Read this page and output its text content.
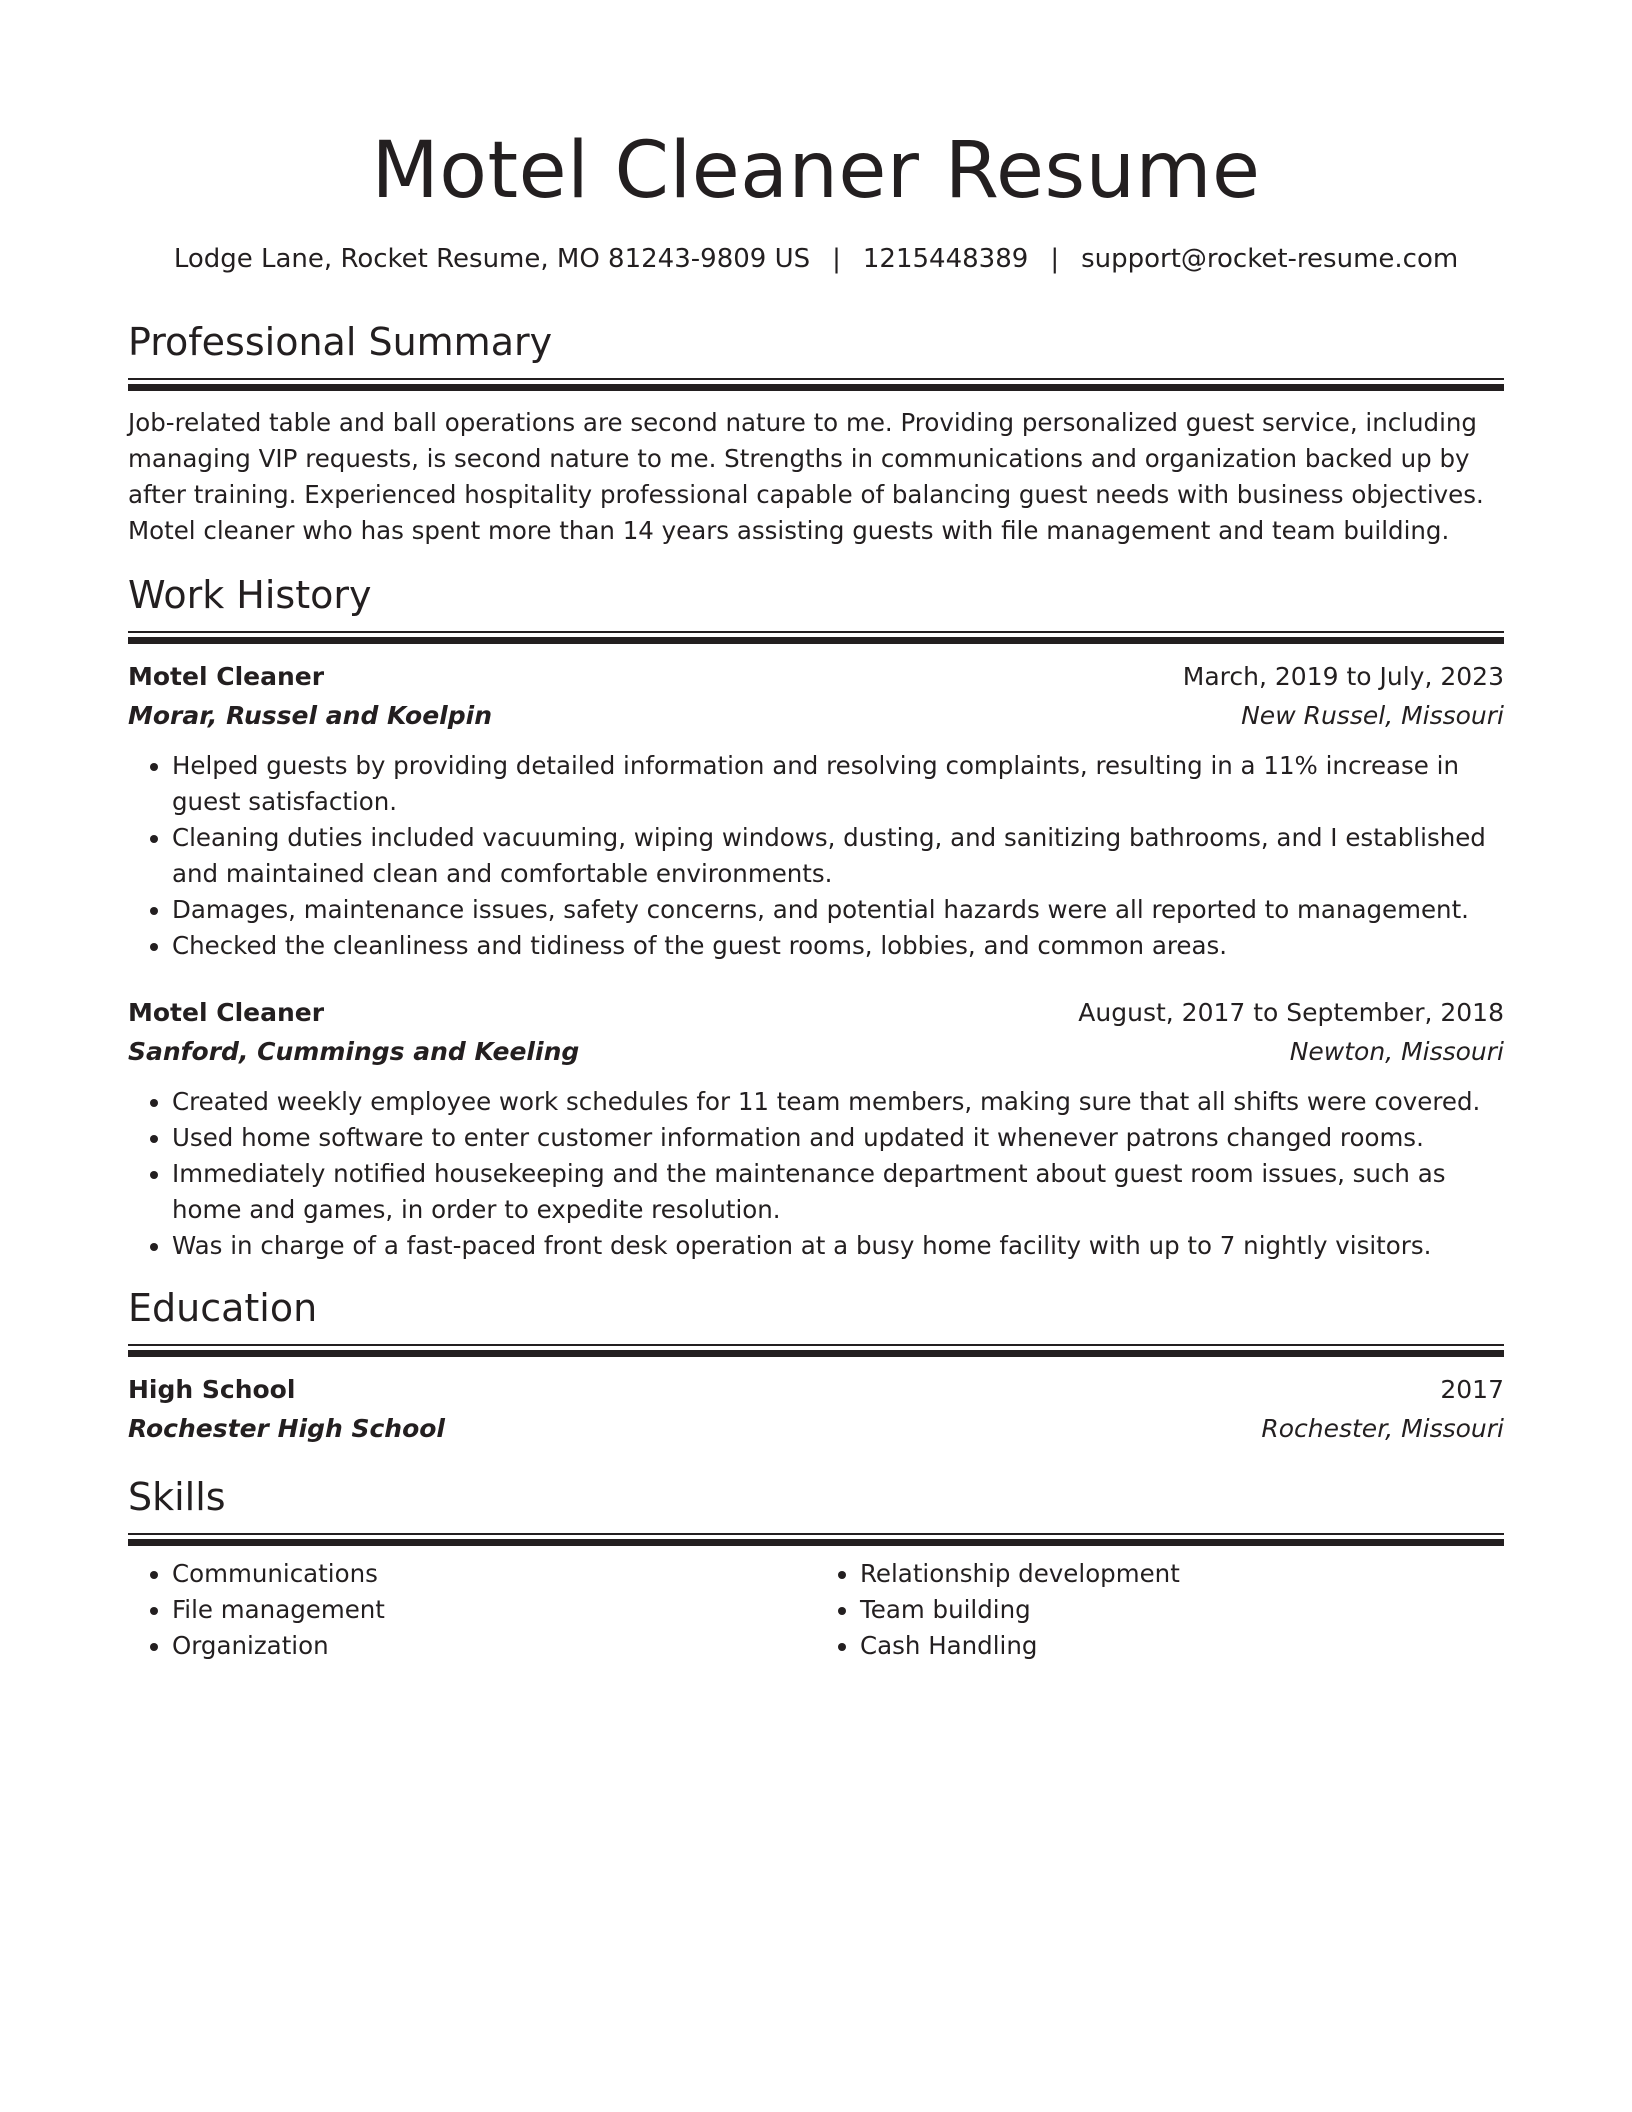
Motel Cleaner Resume
Lodge Lane, Rocket Resume, MO 81243-9809 US | 1215448389 | support@rocket-resume.com
Professional Summary
Job-related table and ball operations are second nature to me. Providing personalized guest service, including managing VIP requests, is second nature to me. Strengths in communications and organization backed up by after training. Experienced hospitality professional capable of balancing guest needs with business objectives. Motel cleaner who has spent more than 14 years assisting guests with file management and team building.
Work History
Motel Cleaner	March, 2019 to July, 2023
Morar, Russel and Koelpin	New Russel, Missouri
• Helped guests by providing detailed information and resolving complaints, resulting in a 11% increase in guest satisfaction.
• Cleaning duties included vacuuming, wiping windows, dusting, and sanitizing bathrooms, and I established and maintained clean and comfortable environments.
• Damages, maintenance issues, safety concerns, and potential hazards were all reported to management.
• Checked the cleanliness and tidiness of the guest rooms, lobbies, and common areas.
Motel Cleaner	August, 2017 to September, 2018
Sanford, Cummings and Keeling	Newton, Missouri
• Created weekly employee work schedules for 11 team members, making sure that all shifts were covered.
• Used home software to enter customer information and updated it whenever patrons changed rooms.
• Immediately notified housekeeping and the maintenance department about guest room issues, such as home and games, in order to expedite resolution.
• Was in charge of a fast-paced front desk operation at a busy home facility with up to 7 nightly visitors.
Education
High School	2017
Rochester High School	Rochester, Missouri
Skills
• Communications
• File management
• Organization
• Relationship development
• Team building
• Cash Handling
